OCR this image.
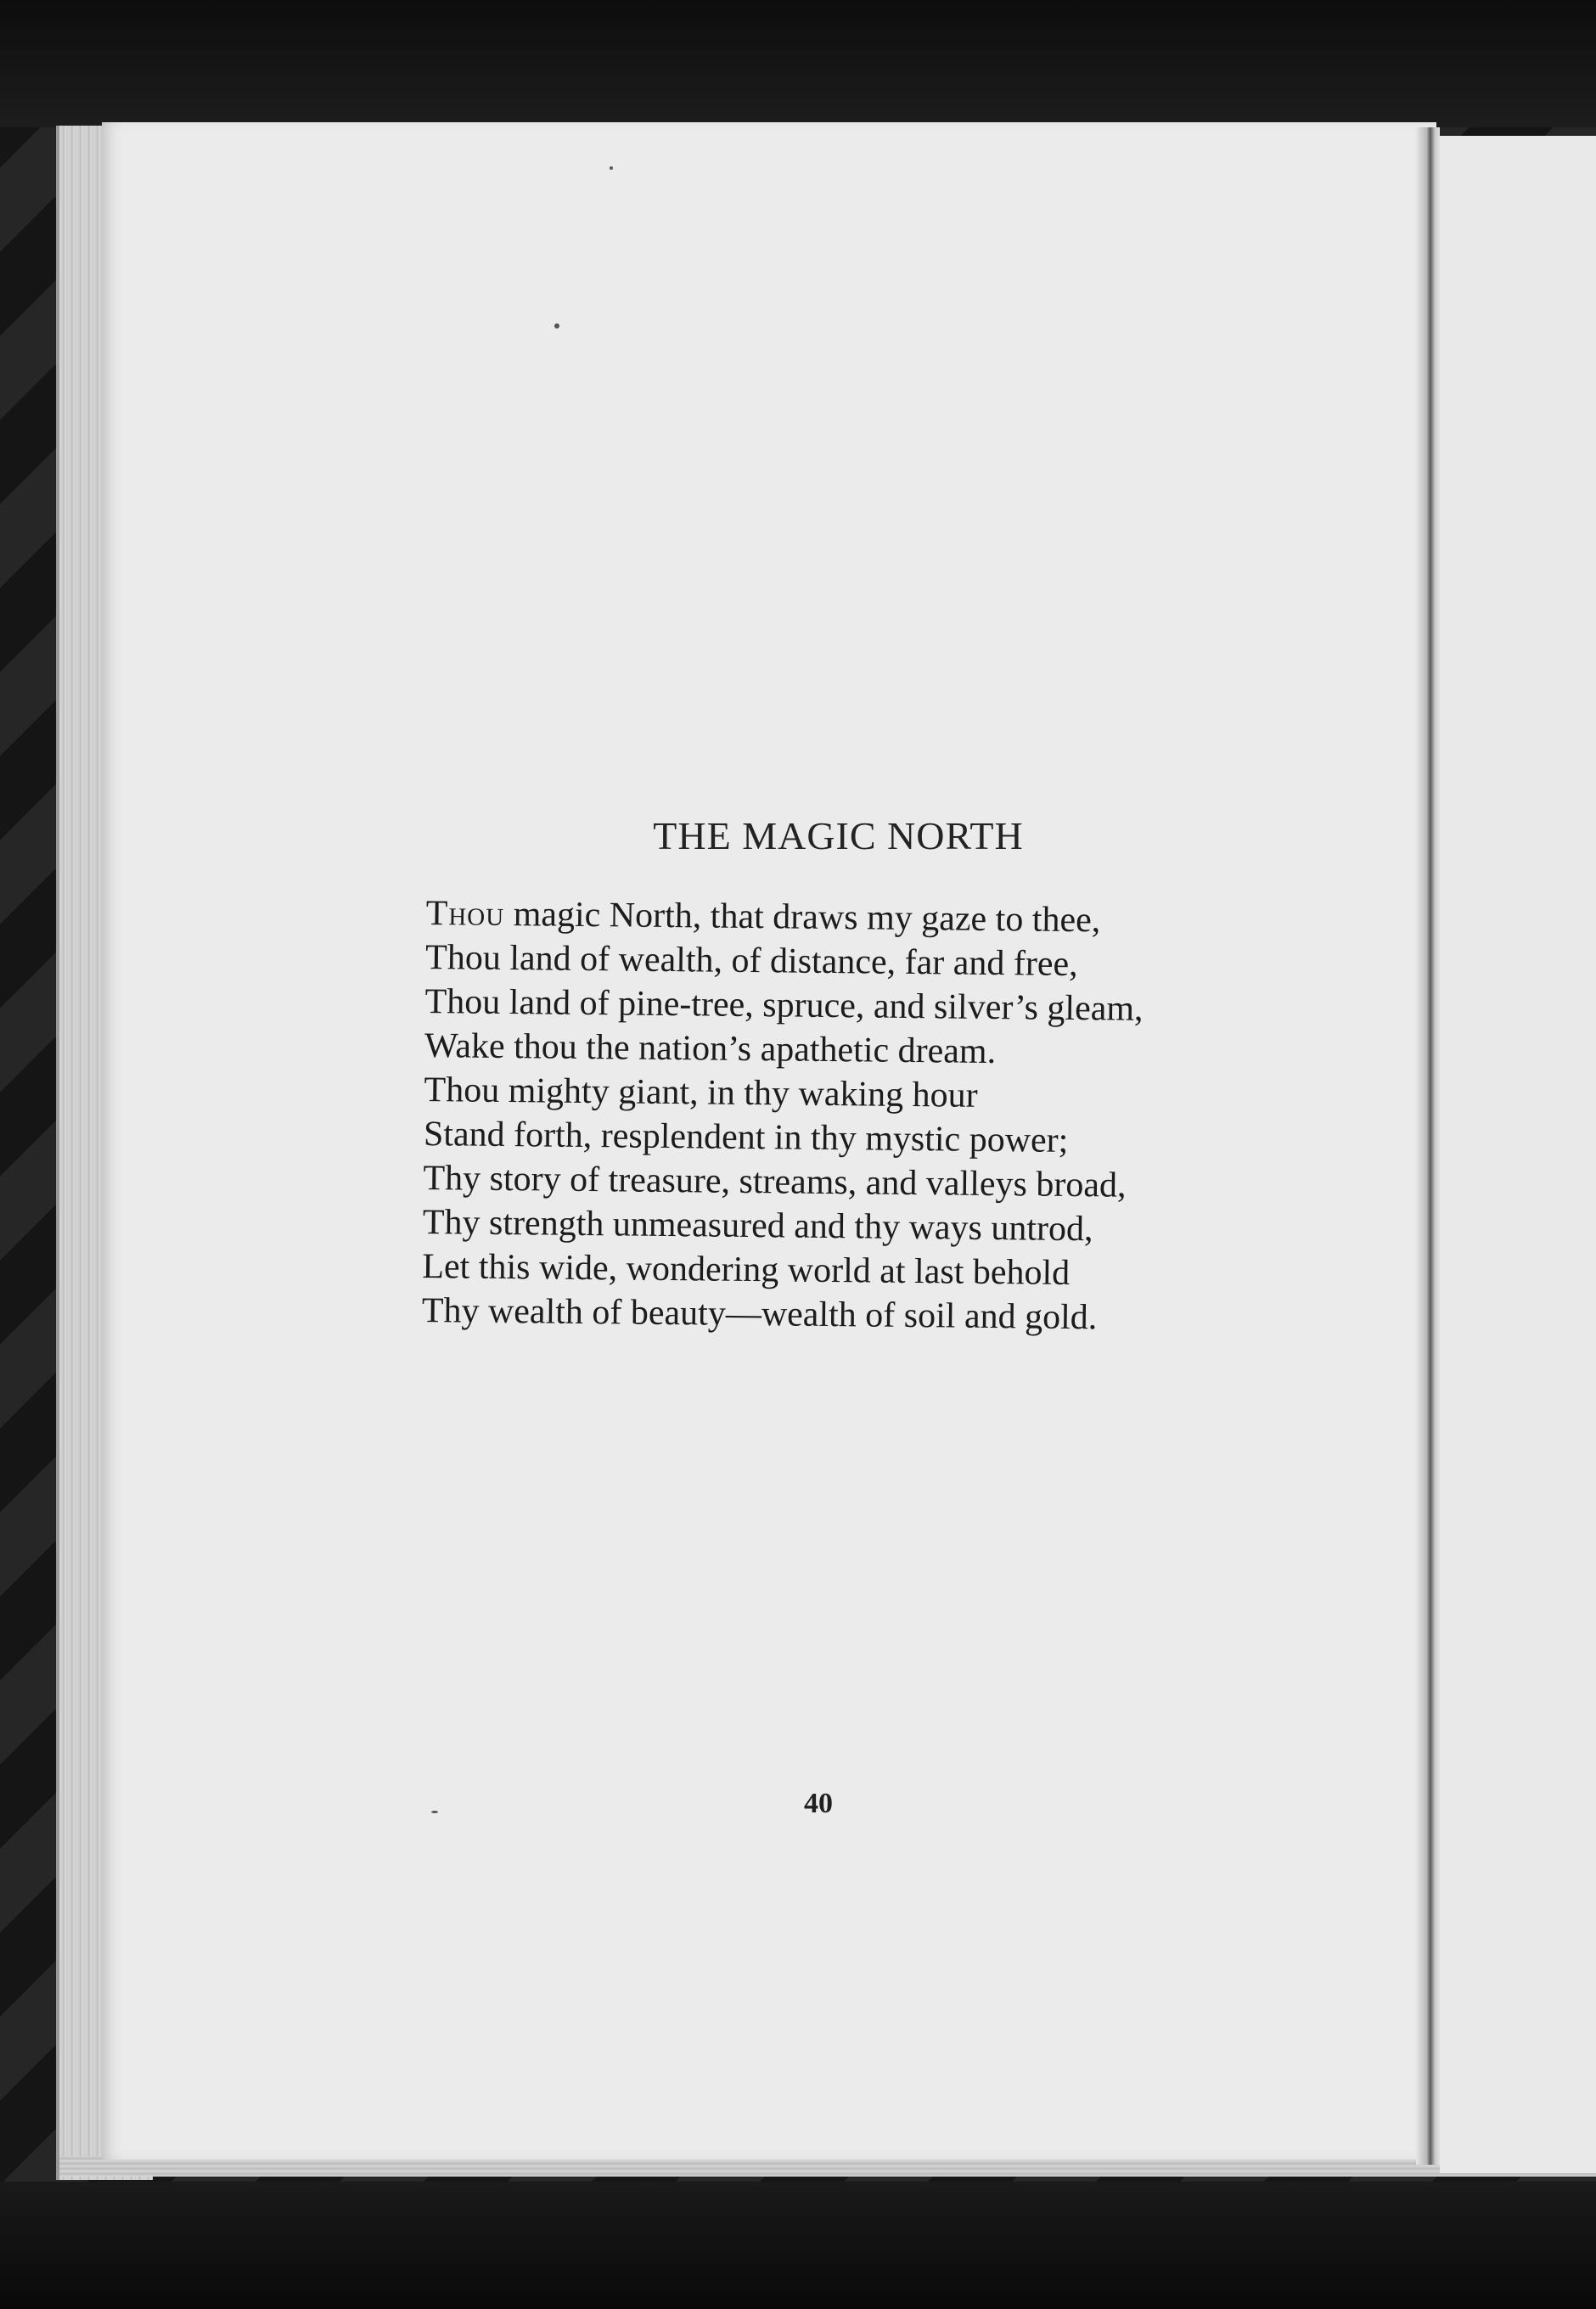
THE MAGIC NORTH
Thou magic North, that draws my gaze to thee,
Thou land of wealth, of distance, far and free,
Thou land of pine-tree, spruce, and silver’s gleam,
Wake thou the nation’s apathetic dream.
Thou mighty giant, in thy waking hour
Stand forth, resplendent in thy mystic power;
Thy story of treasure, streams, and valleys broad,
Thy strength unmeasured and thy ways untrod,
Let this wide, wondering world at last behold
Thy wealth of beauty—wealth of soil and gold.
40
